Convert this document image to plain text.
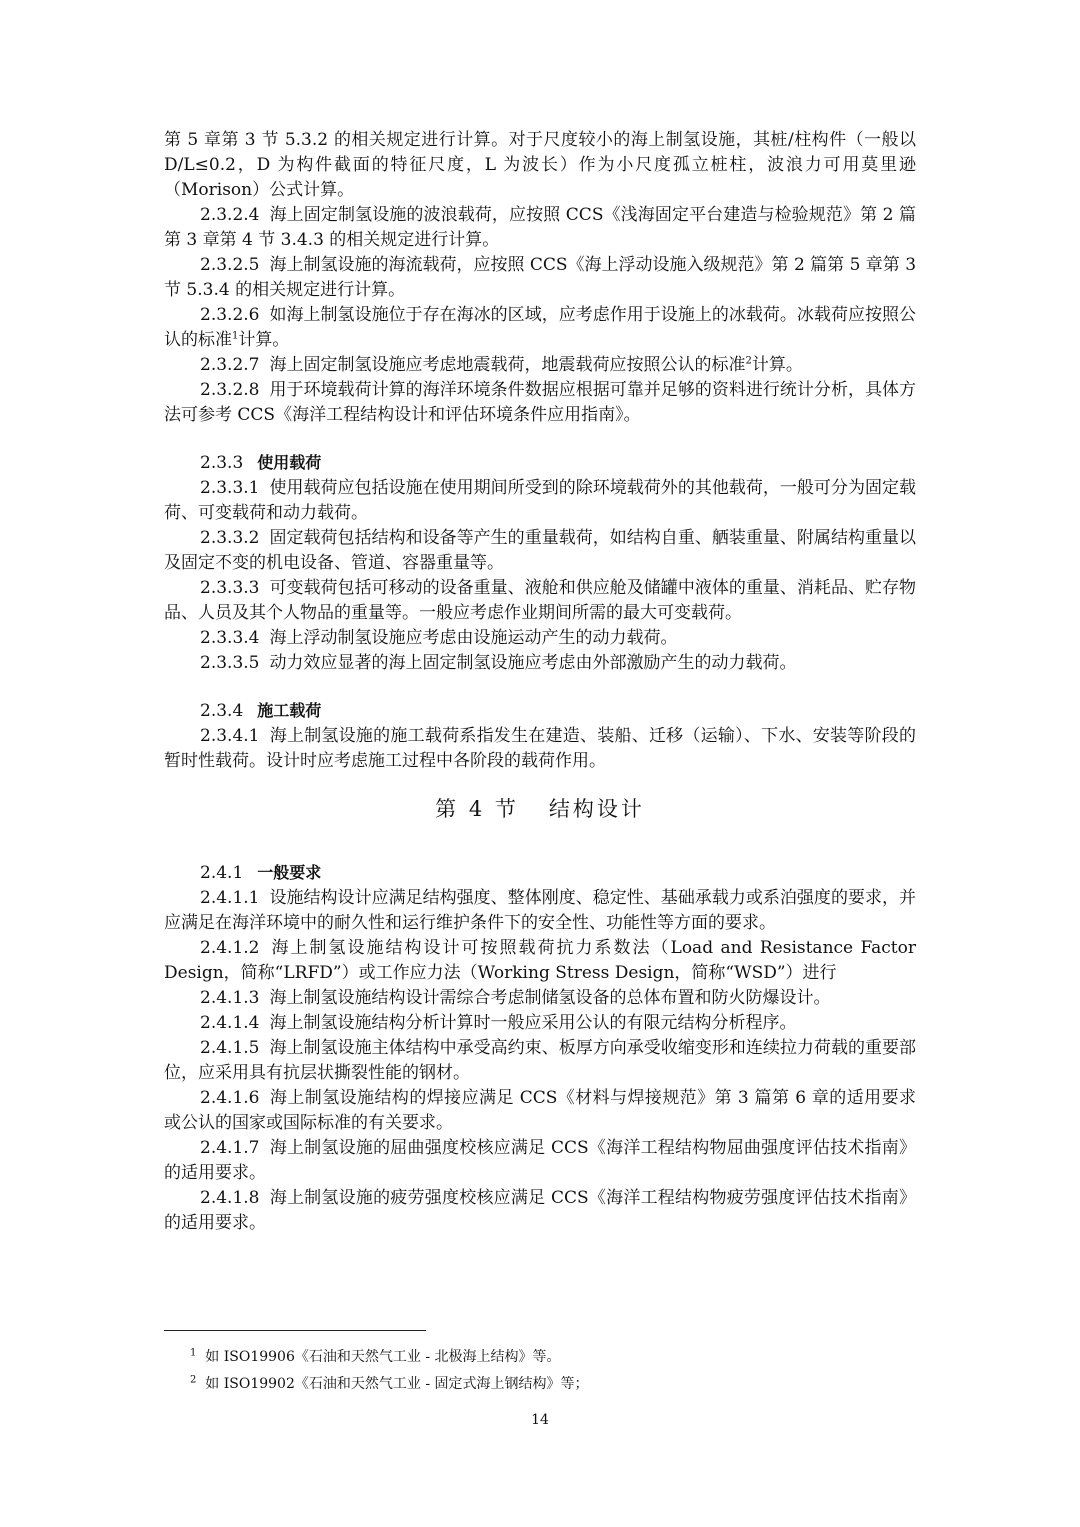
第 5 章第 3 节 5.3.2 的相关规定进行计算。对于尺度较小的海上制氢设施，其桩/柱构件（一般以 D/L≤0.2，D 为构件截面的特征尺度，L 为波长）作为小尺度孤立桩柱，波浪力可用莫里逊（Morison）公式计算。

2.3.2.4 海上固定制氢设施的波浪载荷，应按照 CCS《浅海固定平台建造与检验规范》第 2 篇第 3 章第 4 节 3.4.3 的相关规定进行计算。

2.3.2.5 海上制氢设施的海流载荷，应按照 CCS《海上浮动设施入级规范》第 2 篇第 5 章第 3 节 5.3.4 的相关规定进行计算。

2.3.2.6 如海上制氢设施位于存在海冰的区域，应考虑作用于设施上的冰载荷。冰载荷应按照公认的标准$^1$计算。

2.3.2.7 海上固定制氢设施应考虑地震载荷，地震载荷应按照公认的标准$^2$计算。

2.3.2.8 用于环境载荷计算的海洋环境条件数据应根据可靠并足够的资料进行统计分析，具体方法可参考 CCS《海洋工程结构设计和评估环境条件应用指南》。

2.3.3 使用载荷

2.3.3.1 使用载荷应包括设施在使用期间所受到的除环境载荷外的其他载荷，一般可分为固定载荷、可变载荷和动力载荷。

2.3.3.2 固定载荷包括结构和设备等产生的重量载荷，如结构自重、舾装重量、附属结构重量以及固定不变的机电设备、管道、容器重量等。

2.3.3.3 可变载荷包括可移动的设备重量、液舱和供应舱及储罐中液体的重量、消耗品、贮存物品、人员及其个人物品的重量等。一般应考虑作业期间所需的最大可变载荷。

2.3.3.4 海上浮动制氢设施应考虑由设施运动产生的动力载荷。

2.3.3.5 动力效应显著的海上固定制氢设施应考虑由外部激励产生的动力载荷。

2.3.4 施工载荷

2.3.4.1 海上制氢设施的施工载荷系指发生在建造、装船、迁移（运输）、下水、安装等阶段的暂时性载荷。设计时应考虑施工过程中各阶段的载荷作用。

第 4 节 结构设计

2.4.1 一般要求

2.4.1.1 设施结构设计应满足结构强度、整体刚度、稳定性、基础承载力或系泊强度的要求，并应满足在海洋环境中的耐久性和运行维护条件下的安全性、功能性等方面的要求。

2.4.1.2 海上制氢设施结构设计可按照载荷抗力系数法（Load and Resistance Factor Design，简称“LRFD”）或工作应力法（Working Stress Design，简称“WSD”）进行

2.4.1.3 海上制氢设施结构设计需综合考虑制储氢设备的总体布置和防火防爆设计。

2.4.1.4 海上制氢设施结构分析计算时一般应采用公认的有限元结构分析程序。

2.4.1.5 海上制氢设施主体结构中承受高约束、板厚方向承受收缩变形和连续拉力荷载的重要部位，应采用具有抗层状撕裂性能的钢材。

2.4.1.6 海上制氢设施结构的焊接应满足 CCS《材料与焊接规范》第 3 篇第 6 章的适用要求或公认的国家或国际标准的有关要求。

2.4.1.7 海上制氢设施的屈曲强度校核应满足 CCS《海洋工程结构物屈曲强度评估技术指南》的适用要求。

2.4.1.8 海上制氢设施的疲劳强度校核应满足 CCS《海洋工程结构物疲劳强度评估技术指南》的适用要求。

$^1$ 如 ISO19906《石油和天然气工业 - 北极海上结构》等。

$^2$ 如 ISO19902《石油和天然气工业 - 固定式海上钢结构》等；

14
